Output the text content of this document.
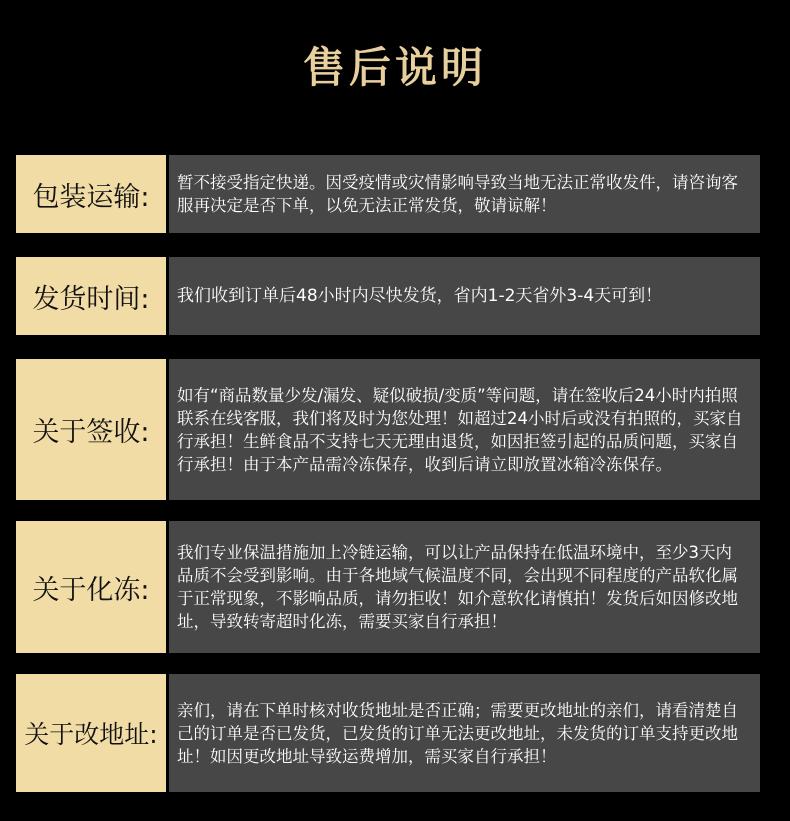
售后说明
包装运输: 暂不接受指定快递。因受疫情或灾情影响导致当地无法正常收发件，请咨询客服再决定是否下单，以免无法正常发货，敬请谅解！
发货时间: 我们收到订单后48小时内尽快发货，省内1-2天省外3-4天可到！
关于签收:
如有“商品数量少发/漏发、疑似破损/变质”等问题，请在签收后24小时内拍照联系在线客服，我们将及时为您处理！如超过24小时后或没有拍照的，买家自行承担！生鲜食品不支持七天无理由退货，如因拒签引起的品质问题，买家自行承担！由于本产品需冷冻保存，收到后请立即放置冰箱冷冻保存。
关于化冻:
我们专业保温措施加上冷链运输，可以让产品保持在低温环境中，至少3天内品质不会受到影响。由于各地域气候温度不同，会出现不同程度的产品软化属于正常现象，不影响品质，请勿拒收！如介意软化请慎拍！发货后如因修改地址，导致转寄超时化冻，需要买家自行承担！
关于改地址:
亲们，请在下单时核对收货地址是否正确；需要更改地址的亲们，请看清楚自己的订单是否已发货，已发货的订单无法更改地址，未发货的订单支持更改地址！如因更改地址导致运费增加，需买家自行承担！
